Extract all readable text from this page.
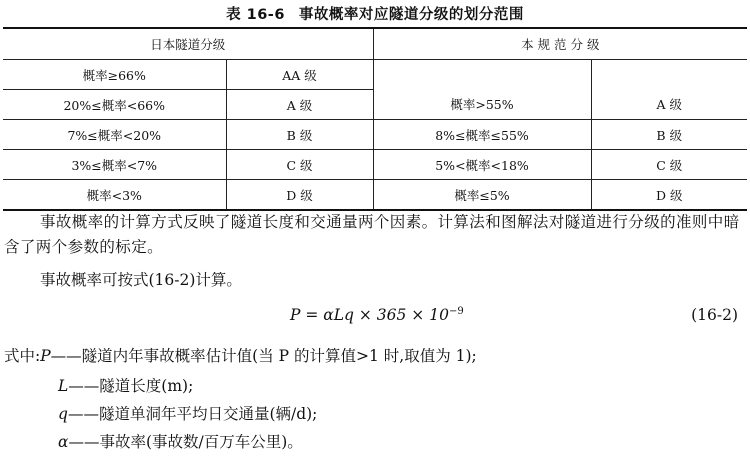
表 16-6 事故概率对应隧道分级的划分范围
日本隧道分级		本 规 范 分 级	
概率≥66%	AA 级		
20%≤概率<66%	A 级	概率>55%	A 级
7%≤概率<20%	B 级	8%≤概率≤55%	B 级
3%≤概率<7%	C 级	5%<概率<18%	C 级
概率<3%	D 级	概率≤5%	D 级
事故概率的计算方式反映了隧道长度和交通量两个因素。计算法和图解法对隧道进行分级的准则中暗含了两个参数的标定。
事故概率可按式(16-2)计算。
$P = \alpha Lq \times 365 \times 10^{-9}$	(16-2)
式中:P——隧道内年事故概率估计值(当 P 的计算值>1 时,取值为 1);
L——隧道长度(m);
q——隧道单洞年平均日交通量(辆/d);
α——事故率(事故数/百万车公里)。
